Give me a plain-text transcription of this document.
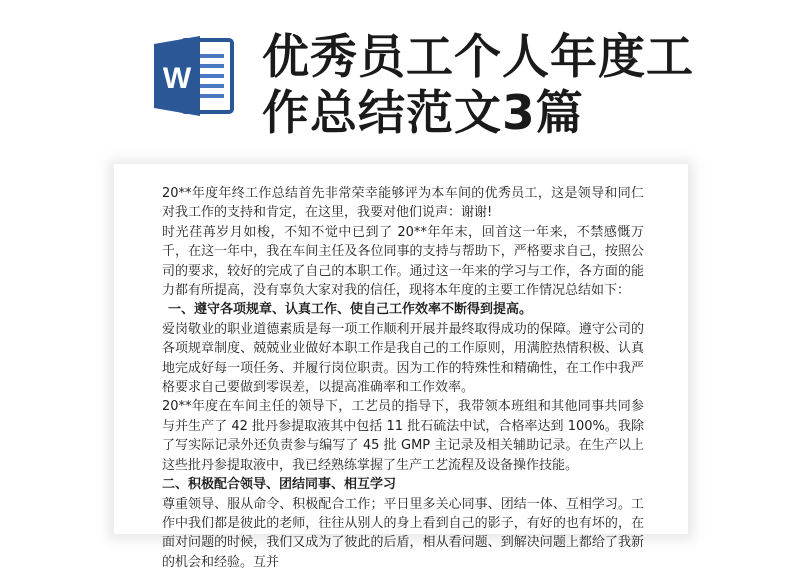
W 优秀员工个人年度工作总结范文3篇

20**年度年终工作总结首先非常荣幸能够评为本车间的优秀员工，这是领导和同仁对我工作的支持和肯定，在这里，我要对他们说声：谢谢!

时光荏苒岁月如梭，不知不觉中已到了 20**年年末，回首这一年来，不禁感慨万千，在这一年中，我在车间主任及各位同事的支持与帮助下，严格要求自己，按照公司的要求，较好的完成了自己的本职工作。通过这一年来的学习与工作，各方面的能力都有所提高，没有辜负大家对我的信任，现将本年度的主要工作情况总结如下：

一、遵守各项规章、认真工作、使自己工作效率不断得到提高。

爱岗敬业的职业道德素质是每一项工作顺利开展并最终取得成功的保障。遵守公司的各项规章制度、兢兢业业做好本职工作是我自己的工作原则，用满腔热情积极、认真地完成好每一项任务、并履行岗位职责。因为工作的特殊性和精确性，在工作中我严格要求自己要做到零误差，以提高准确率和工作效率。

20**年度在车间主任的领导下，工艺员的指导下，我带领本班组和其他同事共同参与并生产了 42 批丹参提取液其中包括 11 批石硫法中试，合格率达到 100%。我除了写实际记录外还负责参与编写了 45 批 GMP 主记录及相关辅助记录。在生产以上这些批丹参提取液中，我已经熟练掌握了生产工艺流程及设备操作技能。

二、积极配合领导、团结同事、相互学习

尊重领导、服从命令、积极配合工作；平日里多关心同事、团结一体、互相学习。工作中我们都是彼此的老师，往往从别人的身上看到自己的影子，有好的也有坏的，在面对问题的时候，我们又成为了彼此的后盾，相从看问题、到解决问题上都给了我新的机会和经验。互并
